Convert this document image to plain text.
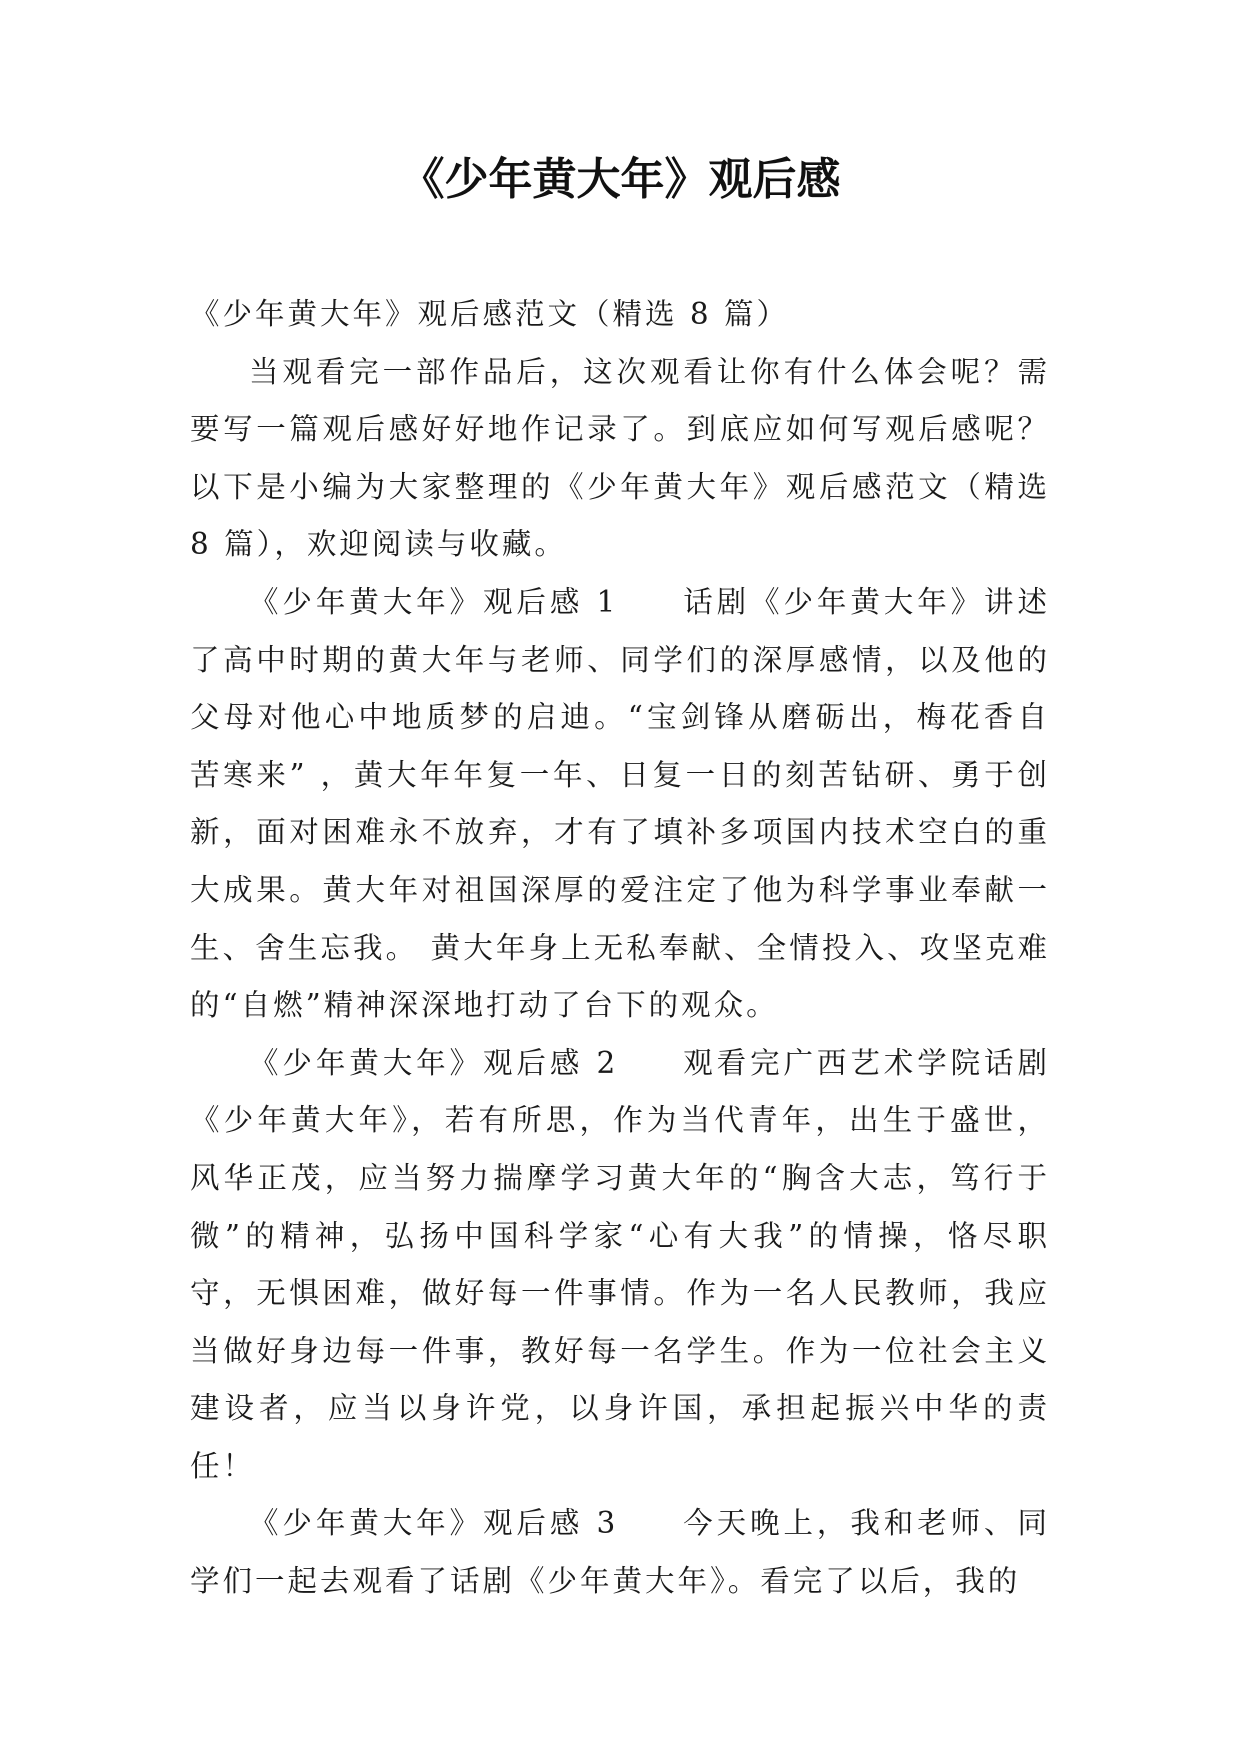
《少年黄大年》观后感

《少年黄大年》观后感范文（精选 8 篇）

当观看完一部作品后，这次观看让你有什么体会呢？需要写一篇观后感好好地作记录了。到底应如何写观后感呢？以下是小编为大家整理的《少年黄大年》观后感范文（精选 8 篇），欢迎阅读与收藏。

《少年黄大年》观后感 1 话剧《少年黄大年》讲述了高中时期的黄大年与老师、同学们的深厚感情，以及他的父母对他心中地质梦的启迪。“宝剑锋从磨砺出，梅花香自苦寒来” ，黄大年年复一年、日复一日的刻苦钻研、勇于创新，面对困难永不放弃，才有了填补多项国内技术空白的重大成果。黄大年对祖国深厚的爱注定了他为科学事业奉献一生、舍生忘我。 黄大年身上无私奉献、全情投入、攻坚克难的“自燃”精神深深地打动了台下的观众。

《少年黄大年》观后感 2 观看完广西艺术学院话剧《少年黄大年》，若有所思，作为当代青年，出生于盛世，风华正茂，应当努力揣摩学习黄大年的“胸含大志，笃行于微”的精神，弘扬中国科学家“心有大我”的情操，恪尽职守，无惧困难，做好每一件事情。作为一名人民教师，我应当做好身边每一件事，教好每一名学生。作为一位社会主义建设者，应当以身许党，以身许国，承担起振兴中华的责任！

《少年黄大年》观后感 3 今天晚上，我和老师、同学们一起去观看了话剧《少年黄大年》。看完了以后，我的
